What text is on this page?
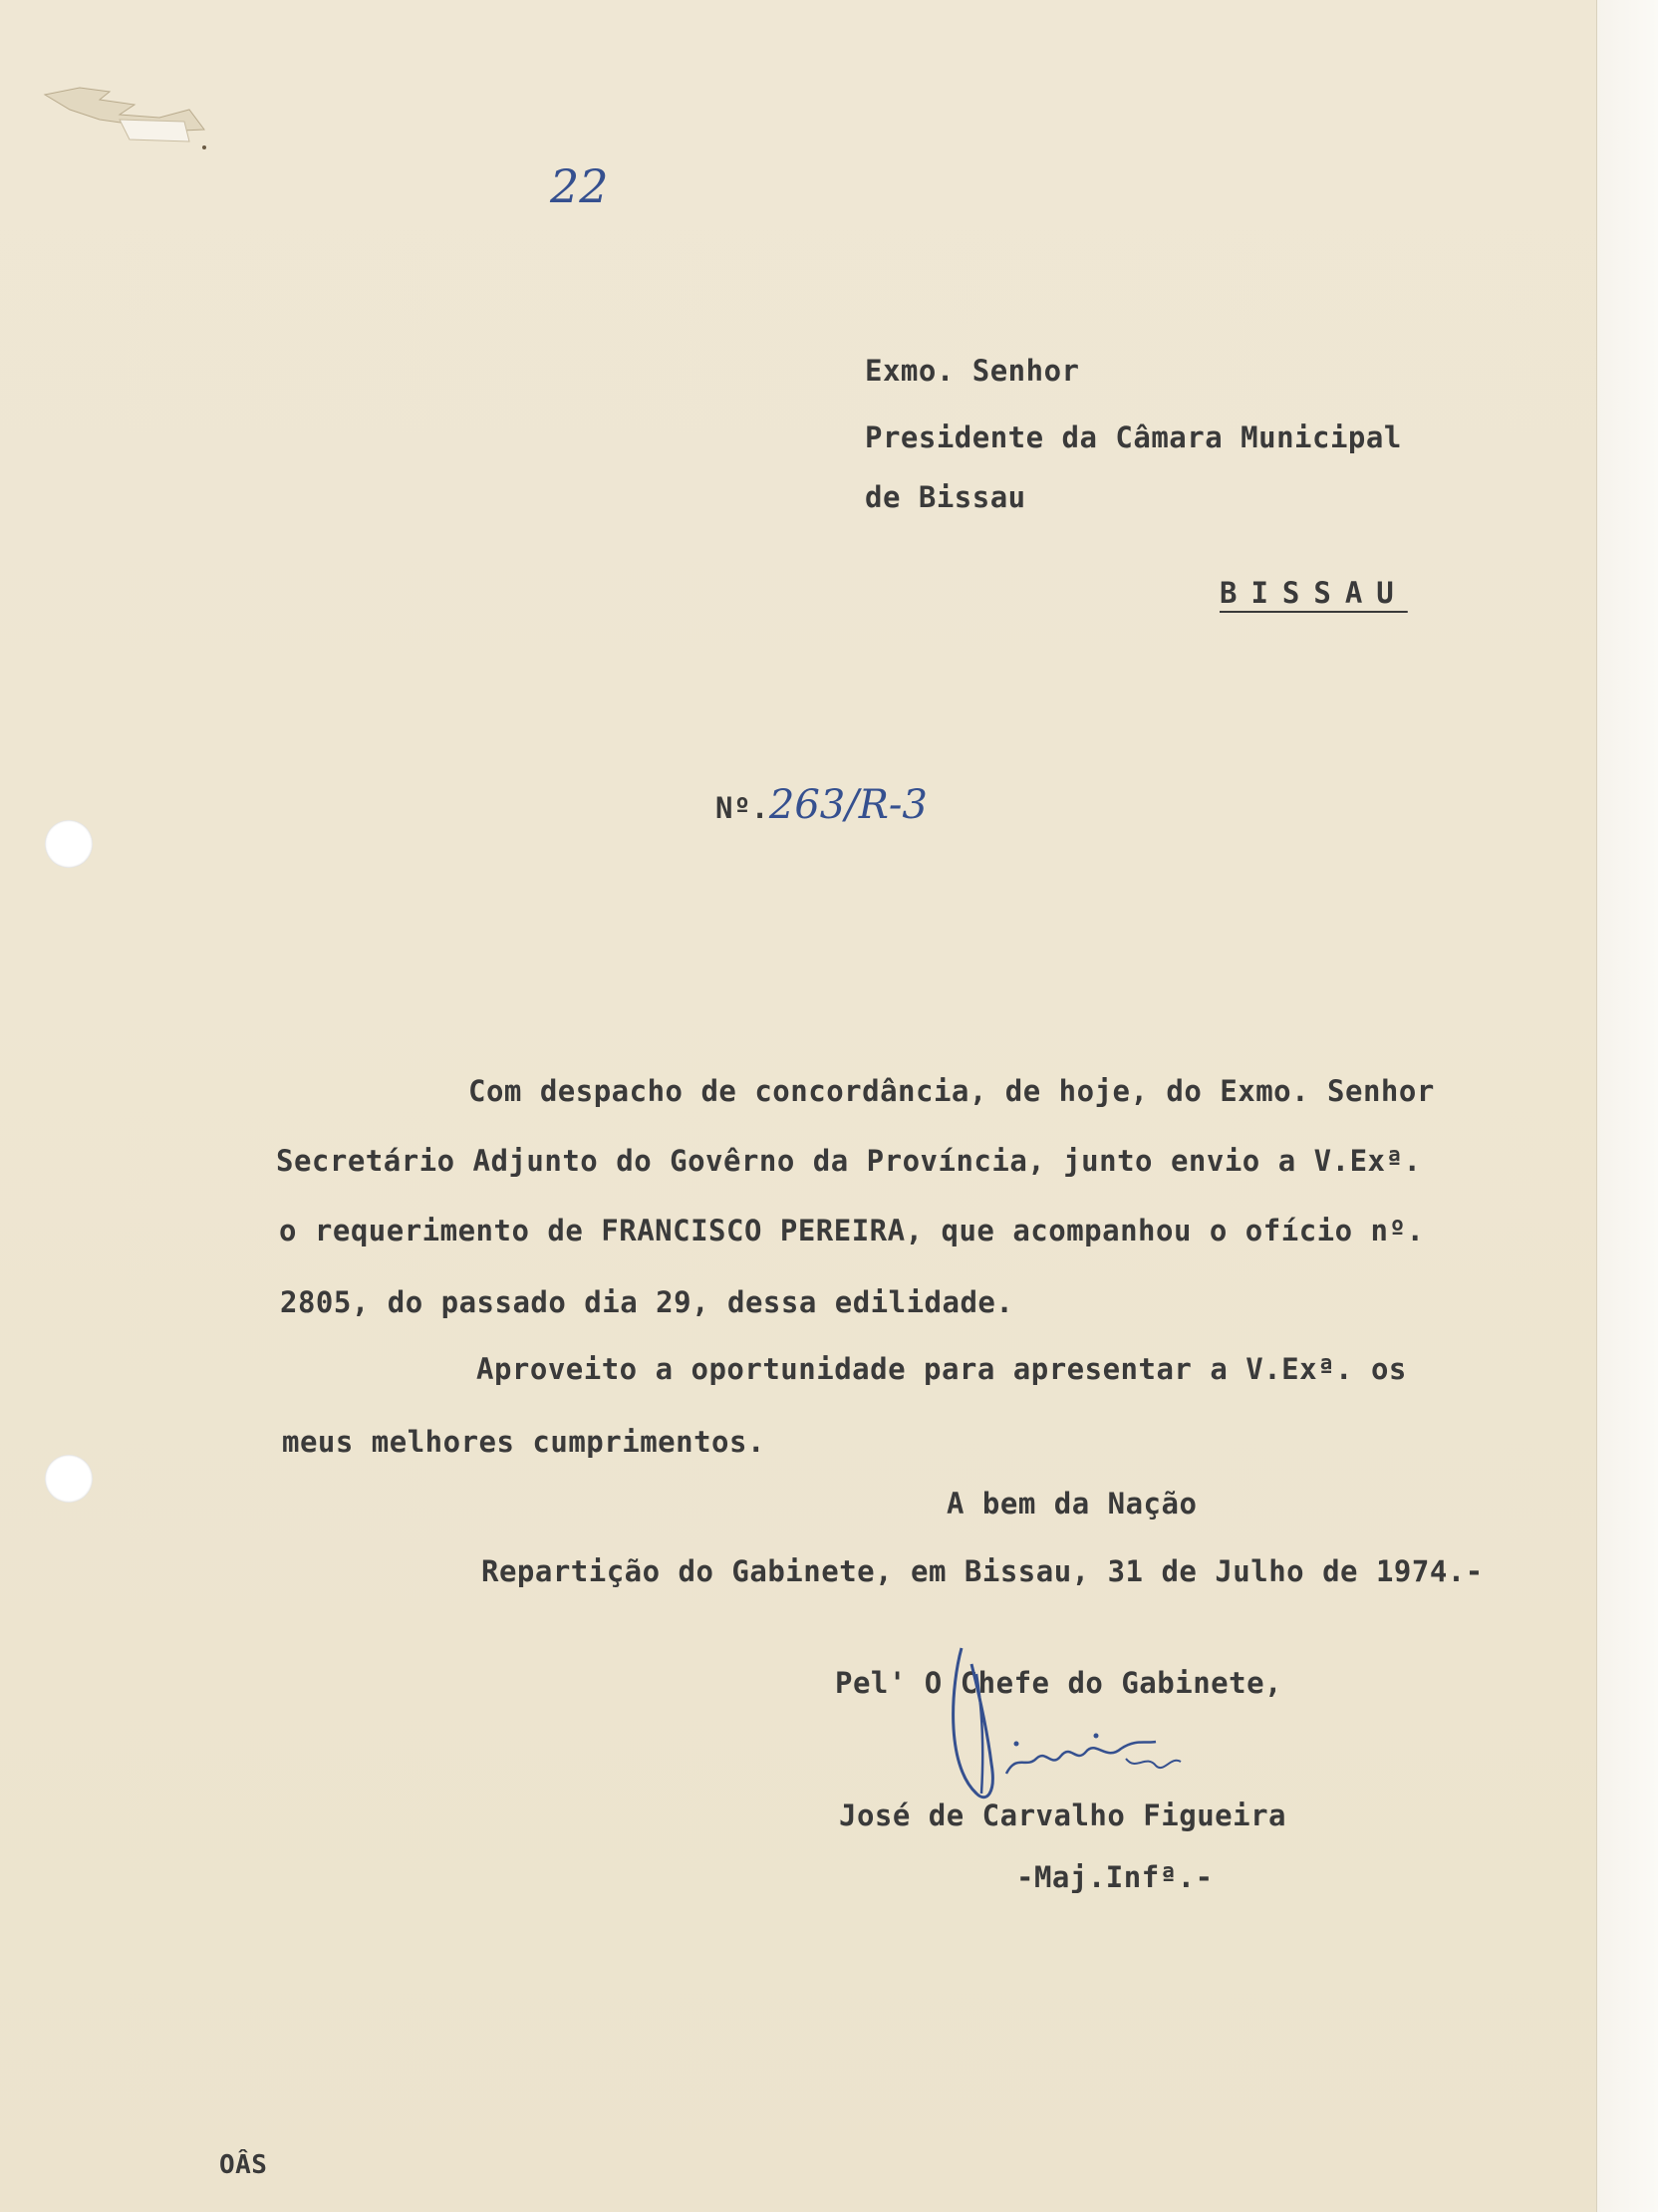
22
Exmo. Senhor
Presidente da Câmara Municipal
de Bissau
BISSAU
Nº.263/R-3
Com despacho de concordância, de hoje, do Exmo. Senhor
Secretário Adjunto do Govêrno da Província, junto envio a V.Exª.
o requerimento de FRANCISCO PEREIRA, que acompanhou o ofício nº.
2805, do passado dia 29, dessa edilidade.
Aproveito a oportunidade para apresentar a V.Exª. os
meus melhores cumprimentos.
A bem da Nação
Repartição do Gabinete, em Bissau, 31 de Julho de 1974.-
Pel' O Chefe do Gabinete,
José de Carvalho Figueira
-Maj.Infª.-
OÂS
